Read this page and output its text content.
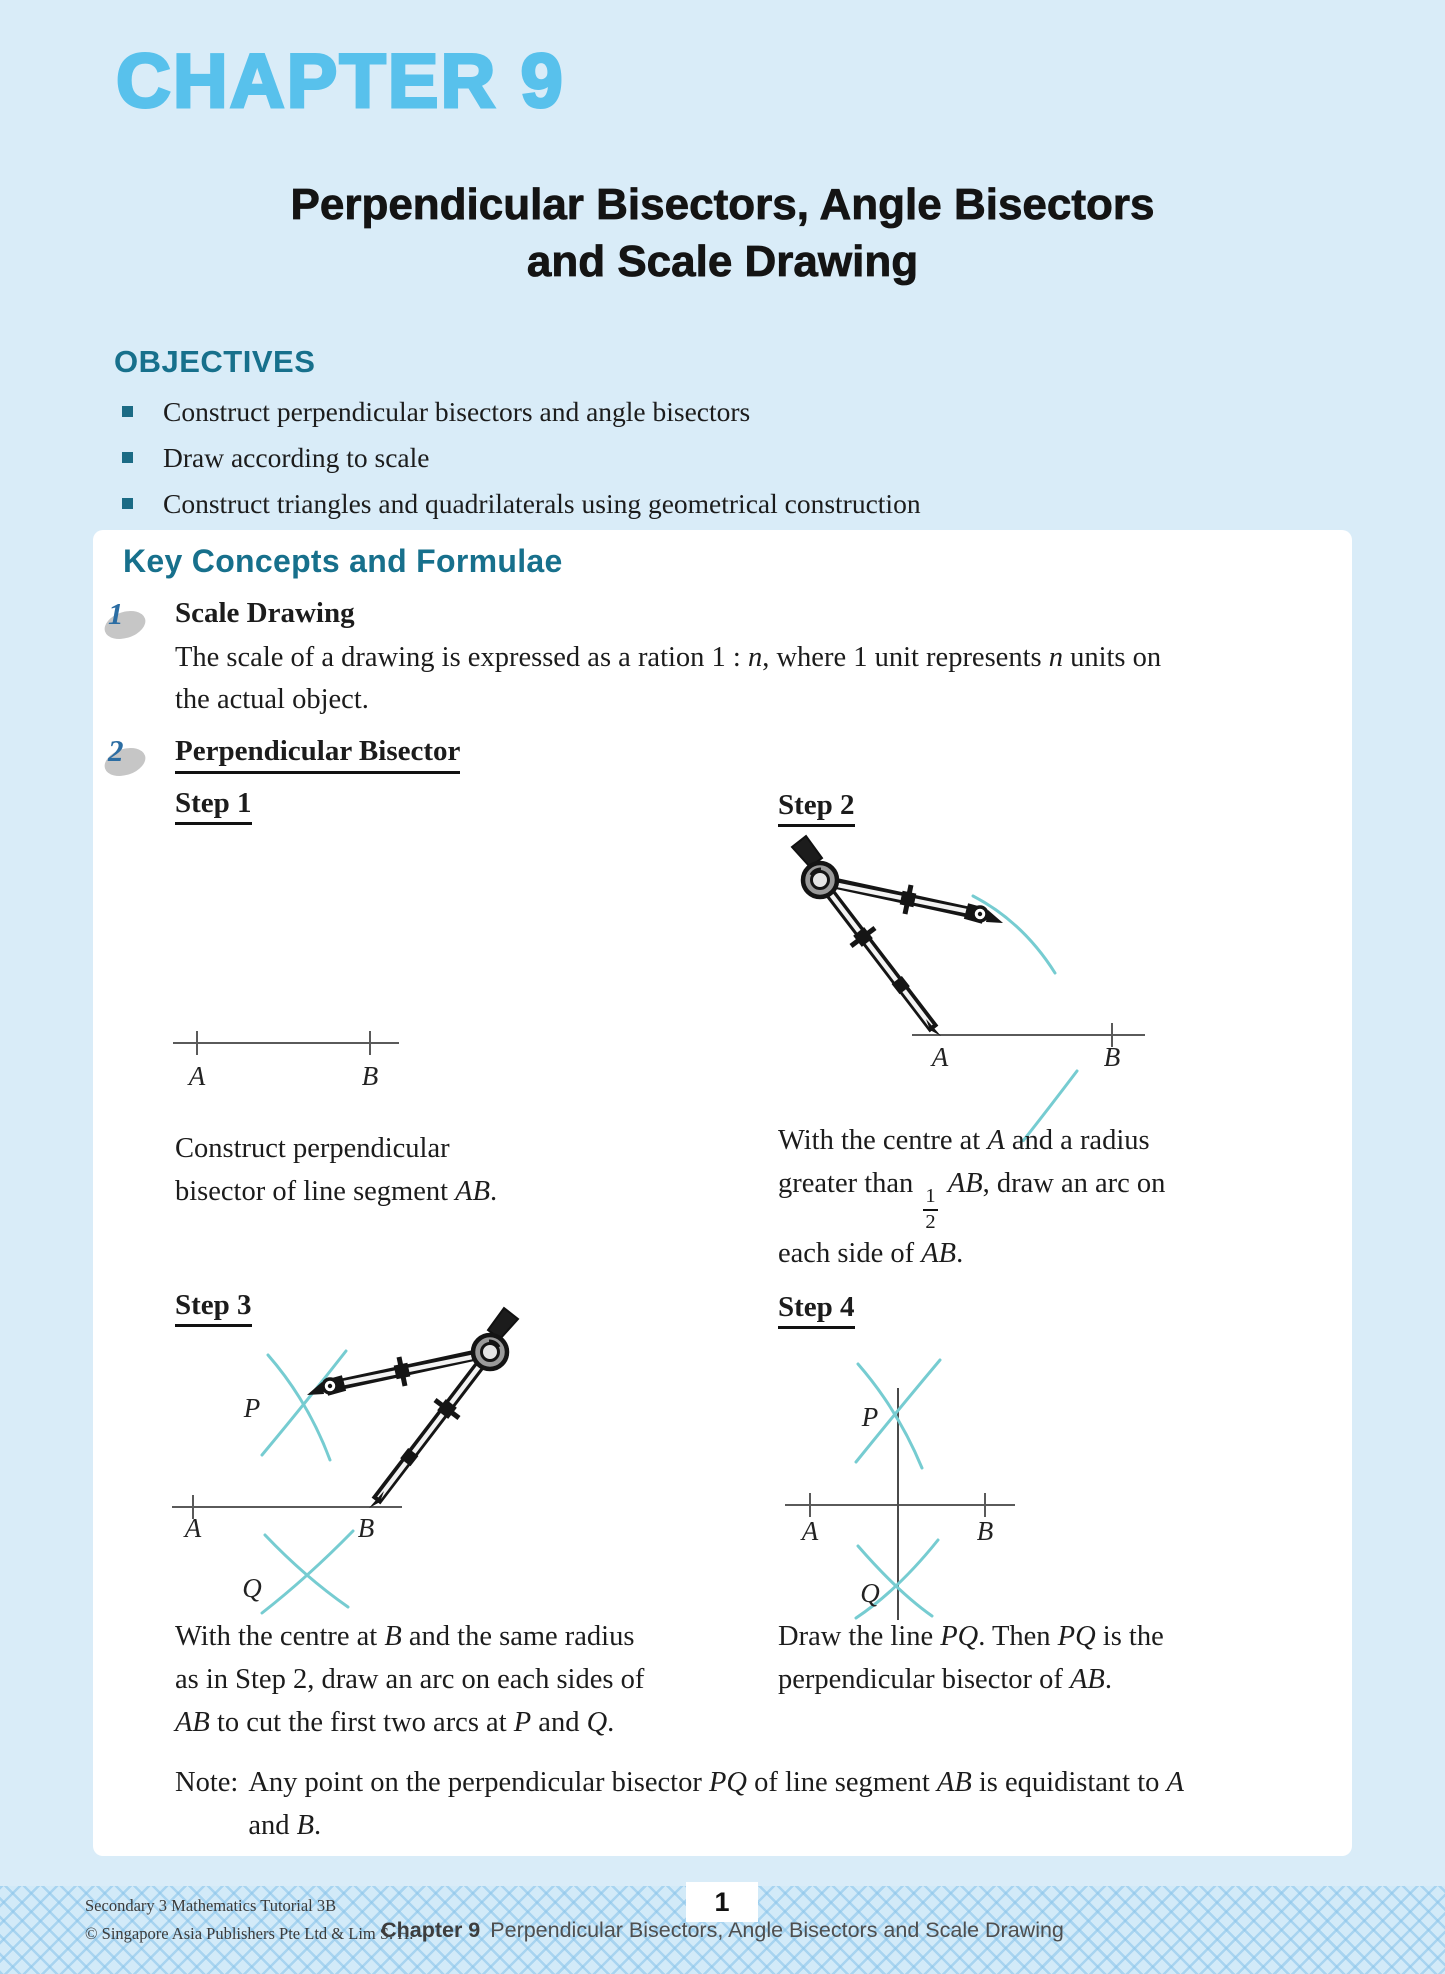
CHAPTER 9
Perpendicular Bisectors, Angle Bisectors
and Scale Drawing
OBJECTIVES
Construct perpendicular bisectors and angle bisectors
Draw according to scale
Construct triangles and quadrilaterals using geometrical construction
Key Concepts and Formulae
1 Scale Drawing
The scale of a drawing is expressed as a ration 1 : n, where 1 unit represents n units on
the actual object.
2 Perpendicular Bisector
Step 1	Step 2
Step 3	Step 4
A	B
A	B
P
Q
A	B
P
Q
A	B
Construct perpendicular
bisector of line segment AB.
With the centre at A and a radius
greater than
$\frac{1}{2}$
AB, draw an arc on
each side of AB.
With the centre at B and the same radius
as in Step 2, draw an arc on each sides of
AB to cut the first two arcs at P and Q.
Draw the line PQ. Then PQ is the
perpendicular bisector of AB.
Note: Any point on the perpendicular bisector PQ of line segment AB is equidistant to A
and B.
1
Secondary 3 Mathematics Tutorial 3B
© Singapore Asia Publishers Pte Ltd & Lim S. H.
Chapter 9 Perpendicular Bisectors, Angle Bisectors and Scale Drawing
